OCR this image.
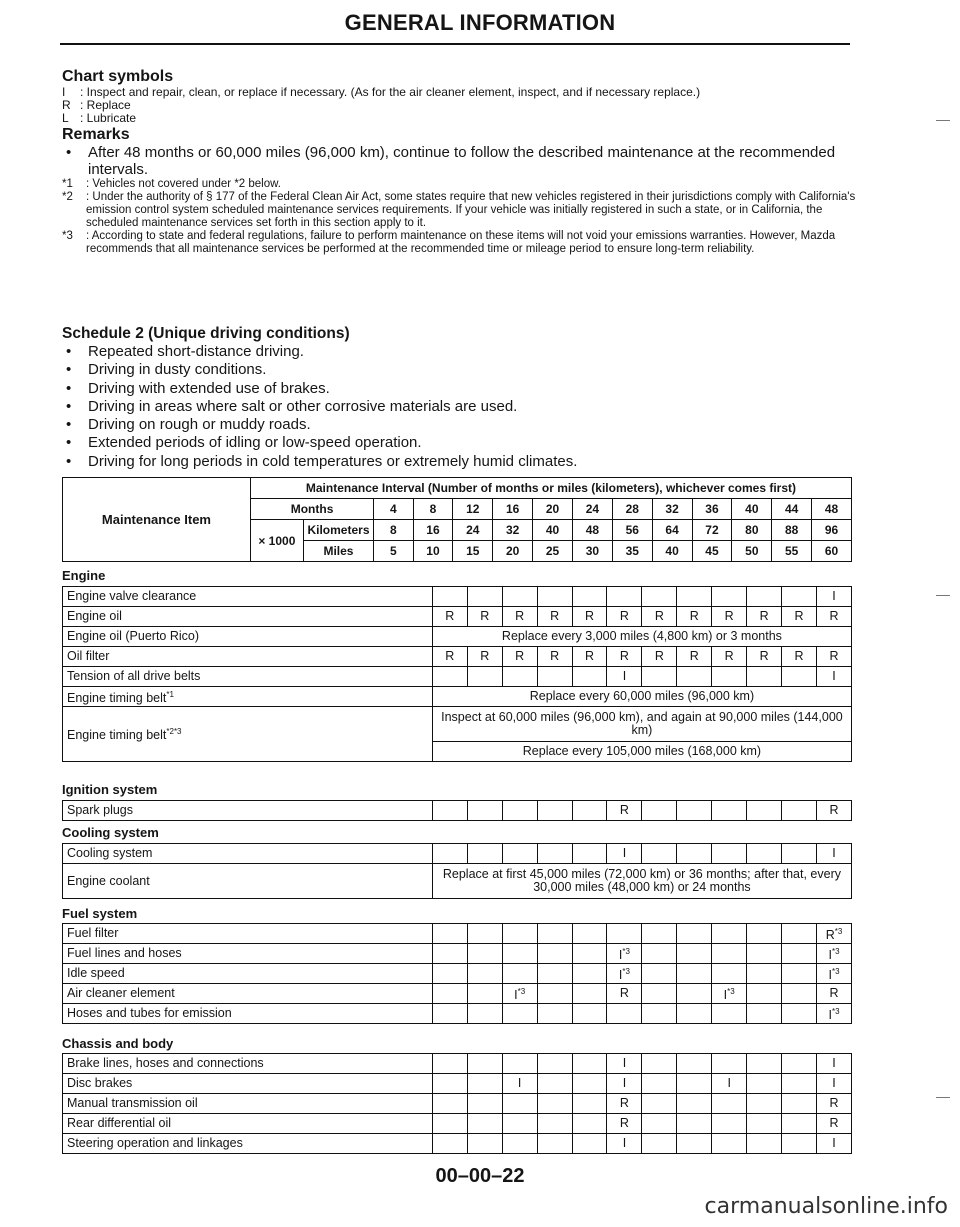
GENERAL INFORMATION
Chart symbols
I : Inspect and repair, clean, or replace if necessary. (As for the air cleaner element, inspect, and if necessary replace.)
R : Replace
L : Lubricate
Remarks
•	After 48 months or 60,000 miles (96,000 km), continue to follow the described maintenance at the recommended intervals.
*1	: Vehicles not covered under *2 below.
*2	: Under the authority of § 177 of the Federal Clean Air Act, some states require that new vehicles registered in their jurisdictions comply with California's emission control system scheduled maintenance services requirements. If your vehicle was initially registered in such a state, or in California, the scheduled maintenance services set forth in this section apply to it.
*3	: According to state and federal regulations, failure to perform maintenance on these items will not void your emissions warranties. However, Mazda recommends that all maintenance services be performed at the recommended time or mileage period to ensure long-term reliability.
Schedule 2 (Unique driving conditions)
•	Repeated short-distance driving.
•	Driving in dusty conditions.
•	Driving with extended use of brakes.
•	Driving in areas where salt or other corrosive materials are used.
•	Driving on rough or muddy roads.
•	Extended periods of idling or low-speed operation.
•	Driving for long periods in cold temperatures or extremely humid climates.
Maintenance Item	Maintenance Interval (Number of months or miles (kilometers), whichever comes first)													
	Months		4	8	12	16	20	24	28	32	36	40	44	48
	× 1000	Kilometers	8	16	24	32	40	48	56	64	72	80	88	96
		Miles	5	10	15	20	25	30	35	40	45	50	55	60
Engine
Engine valve clearance												I
Engine oil	R	R	R	R	R	R	R	R	R	R	R	R
Engine oil (Puerto Rico)	Replace every 3,000 miles (4,800 km) or 3 months											
Oil filter	R	R	R	R	R	R	R	R	R	R	R	R
Tension of all drive belts						I						I
Engine timing belt$^{*1}$	Replace every 60,000 miles (96,000 km)											
Engine timing belt$^{*2*3}$	Inspect at 60,000 miles (96,000 km), and again at 90,000 miles (144,000 km)											
	Replace every 105,000 miles (168,000 km)											
Ignition system
Spark plugs						R						R
Cooling system
Cooling system						I						I
Engine coolant	Replace at first 45,000 miles (72,000 km) or 36 months; after that, every 30,000 miles (48,000 km) or 24 months											
Fuel system
Fuel filter												$R^{*3}$
Fuel lines and hoses						$I^{*3}$						$I^{*3}$
Idle speed						$I^{*3}$						$I^{*3}$
Air cleaner element			$I^{*3}$			R			$I^{*3}$			R
Hoses and tubes for emission												$I^{*3}$
Chassis and body
Brake lines, hoses and connections						I						I
Disc brakes			I			I			I			I
Manual transmission oil						R						R
Rear differential oil						R						R
Steering operation and linkages						I						I
00–00–22
carmanualsonline.info
